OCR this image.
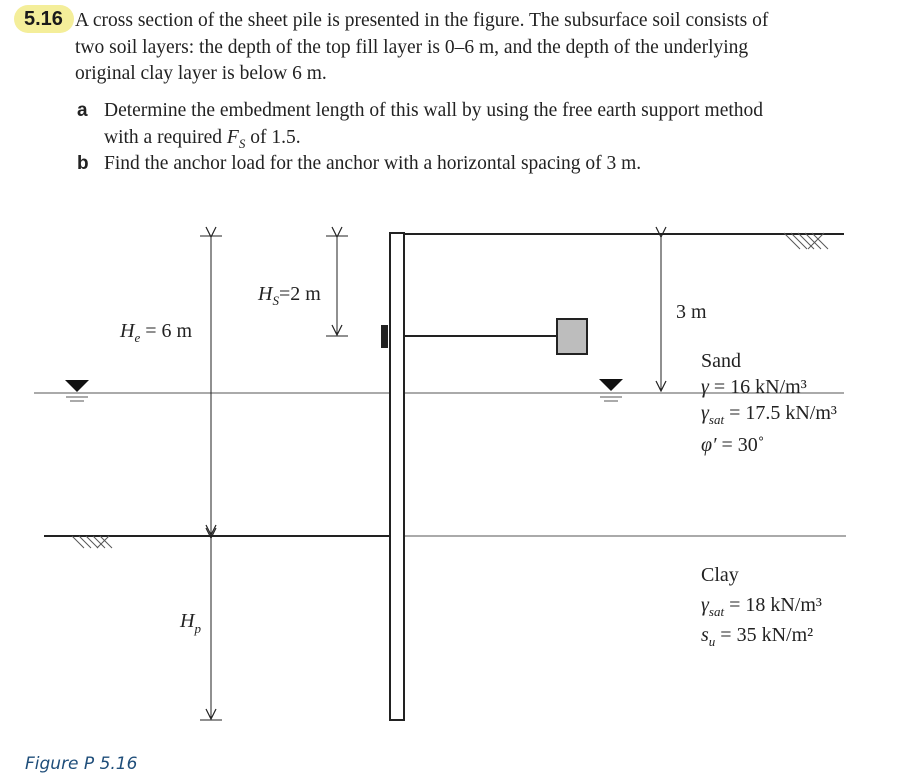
5.16 A cross section of the sheet pile is presented in the figure. The subsurface soil consists of
two soil layers: the depth of the top fill layer is 0–6 m, and the depth of the underlying
original clay layer is below 6 m.
a Determine the embedment length of this wall by using the free earth support method
with a required $F_S$ of 1.5.
b Find the anchor load for the anchor with a horizontal spacing of 3 m.
$H_e = 6$ m
$H_S=2$ m
$H_p$
3 m
Sand
γ = 16 kN/m³
$\gamma_{sat} = 17.5$ kN/m³
φ′ = 30˚
Clay
$\gamma_{sat} = 18$ kN/m³
$s_u = 35$ kN/m²
Figure P 5.16
